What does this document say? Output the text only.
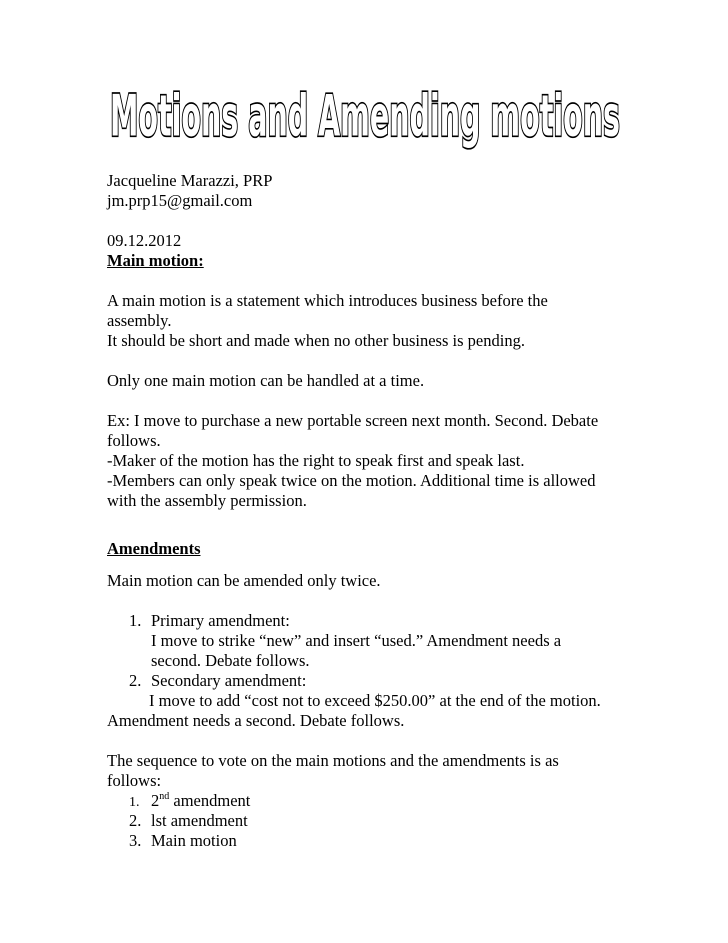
Motions and Amending motions
Jacqueline Marazzi, PRP
jm.prp15@gmail.com
09.12.2012
Main motion:
A main motion is a statement which introduces business before the
assembly.
It should be short and made when no other business is pending.
Only one main motion can be handled at a time.
Ex: I move to purchase a new portable screen next month. Second. Debate
follows.
-Maker of the motion has the right to speak first and speak last.
-Members can only speak twice on the motion. Additional time is allowed
with the assembly permission.
Amendments
Main motion can be amended only twice.
1. Primary amendment:
I move to strike “new” and insert “used.” Amendment needs a
second. Debate follows.
2. Secondary amendment:
I move to add “cost not to exceed $250.00” at the end of the motion.
Amendment needs a second. Debate follows.
The sequence to vote on the main motions and the amendments is as
follows:
1. 2nd amendment
2. lst amendment
3. Main motion
